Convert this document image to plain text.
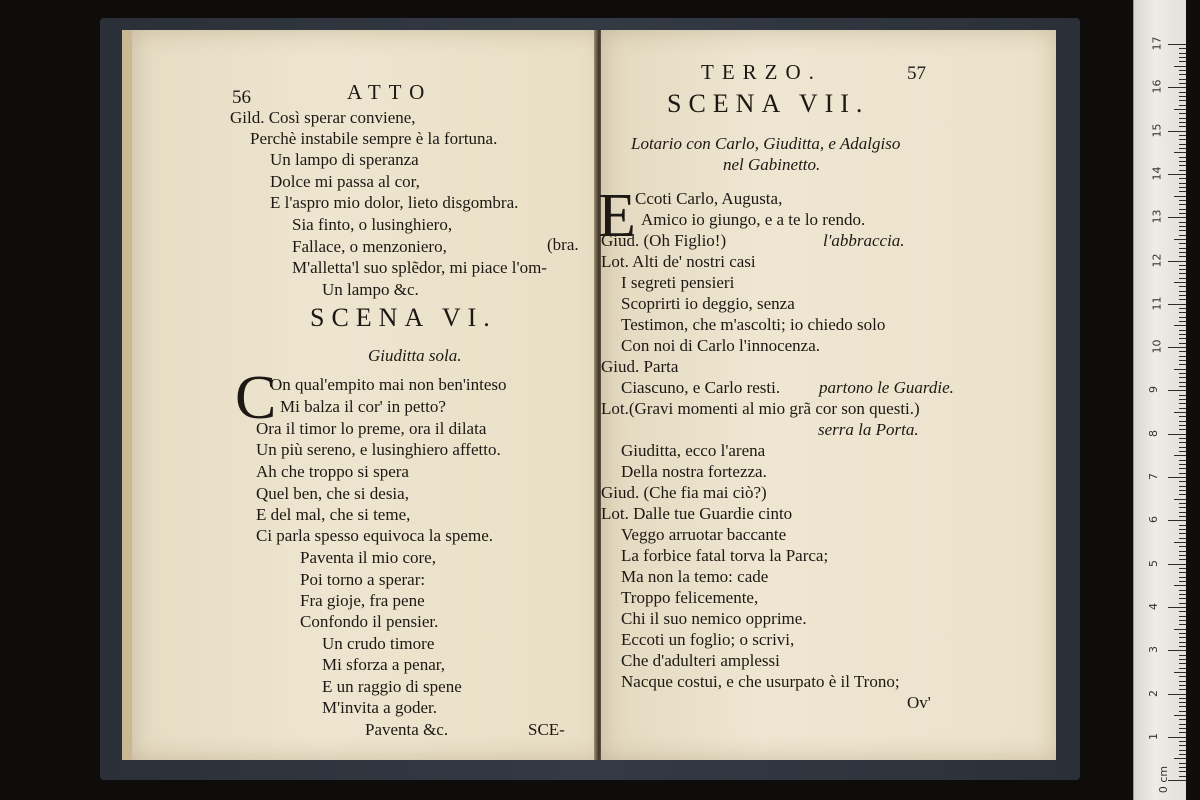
56	ATTO
Gild. Così sperar conviene,
Perchè instabile sempre è la fortuna.
Un lampo di speranza
Dolce mi passa al cor,
E l'aspro mio dolor, lieto disgombra.
Sia finto, o lusinghiero,
Fallace, o menzoniero,	(bra.
M'alletta'l suo splẽdor, mi piace l'om-
Un lampo &c.
SCENA VI.
Giuditta sola.
C
On qual'empito mai non ben'inteso
Mi balza il cor' in petto?
Ora il timor lo preme, ora il dilata
Un più sereno, e lusinghiero affetto.
Ah che troppo si spera
Quel ben, che si desia,
E del mal, che si teme,
Ci parla spesso equivoca la speme.
Paventa il mio core,
Poi torno a sperar:
Fra gioje, fra pene
Confondo il pensier.
Un crudo timore
Mi sforza a penar,
E un raggio di spene
M'invita a goder.
Paventa &c.	SCE-
TERZO.	57
SCENA VII.
Lotario con Carlo, Giuditta, e Adalgiso
nel Gabinetto.
E Ccoti Carlo, Augusta,
Amico io giungo, e a te lo rendo.
Giud. (Oh Figlio!)	l'abbraccia.
Lot. Alti de' nostri casi
I segreti pensieri
Scoprirti io deggio, senza
Testimon, che m'ascolti; io chiedo solo
Con noi di Carlo l'innocenza.
Giud. Parta
Ciascuno, e Carlo resti. partono le Guardie.
Lot.(Gravi momenti al mio grã cor son questi.)
serra la Porta.
Giuditta, ecco l'arena
Della nostra fortezza.
Giud. (Che fia mai ciò?)
Lot. Dalle tue Guardie cinto
Veggo arruotar baccante
La forbice fatal torva la Parca;
Ma non la temo: cade
Troppo felicemente,
Chi il suo nemico opprime.
Eccoti un foglio; o scrivi,
Che d'adulteri amplessi
Nacque costui, e che usurpato è il Trono;
Ov'
17
16
15
14
13
12
11
10
9
8
7
6
5
4
3
2
1
0 cm
